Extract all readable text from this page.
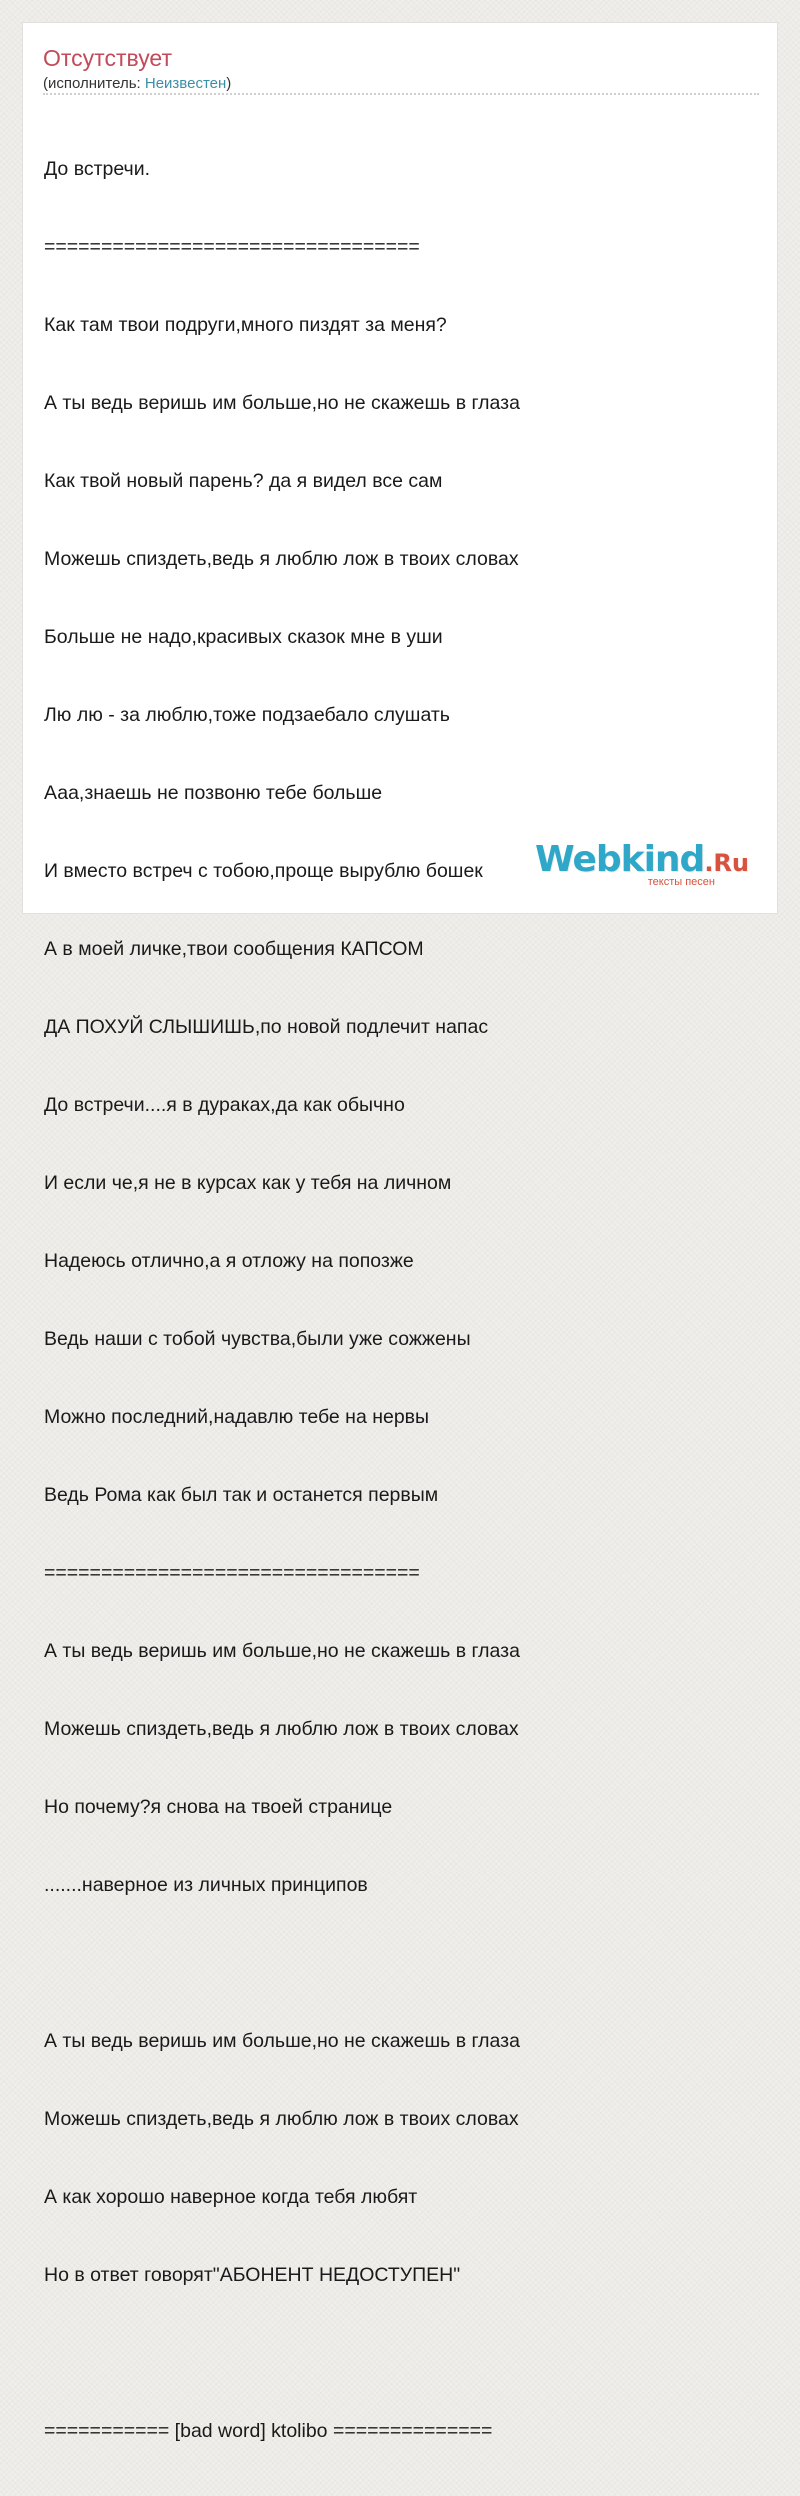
Отсутствует
(исполнитель: Неизвестен)

До встречи.

=================================

Как там твои подруги,много пиздят за меня?

А ты ведь веришь им больше,но не скажешь в глаза

Как твой новый парень? да я видел все сам

Можешь спиздеть,ведь я люблю лож в твоих словах

Больше не надо,красивых сказок мне в уши

Лю лю - за люблю,тоже подзаебало слушать

Ааа,знаешь не позвоню тебе больше

И вместо встреч с тобою,проще вырублю бошек

А в моей личке,твои сообщения КАПСОМ

ДА ПОХУЙ СЛЫШИШЬ,по новой подлечит напас

До встречи....я в дураках,да как обычно

И если че,я не в курсах как у тебя на личном

Надеюсь отлично,а я отложу на попозже

Ведь наши с тобой чувства,были уже сожжены

Можно последний,надавлю тебе на нервы

Ведь Рома как был так и останется первым

=================================

А ты ведь веришь им больше,но не скажешь в глаза

Можешь спиздеть,ведь я люблю лож в твоих словах

Но почему?я снова на твоей странице

.......наверное из личных принципов

А ты ведь веришь им больше,но не скажешь в глаза

Можешь спиздеть,ведь я люблю лож в твоих словах

А как хорошо наверное когда тебя любят

Но в ответ говорят"АБОНЕНТ НЕДОСТУПЕН"

=========== [bad word] ktolibo ==============

Webkind.Ru
тексты песен
